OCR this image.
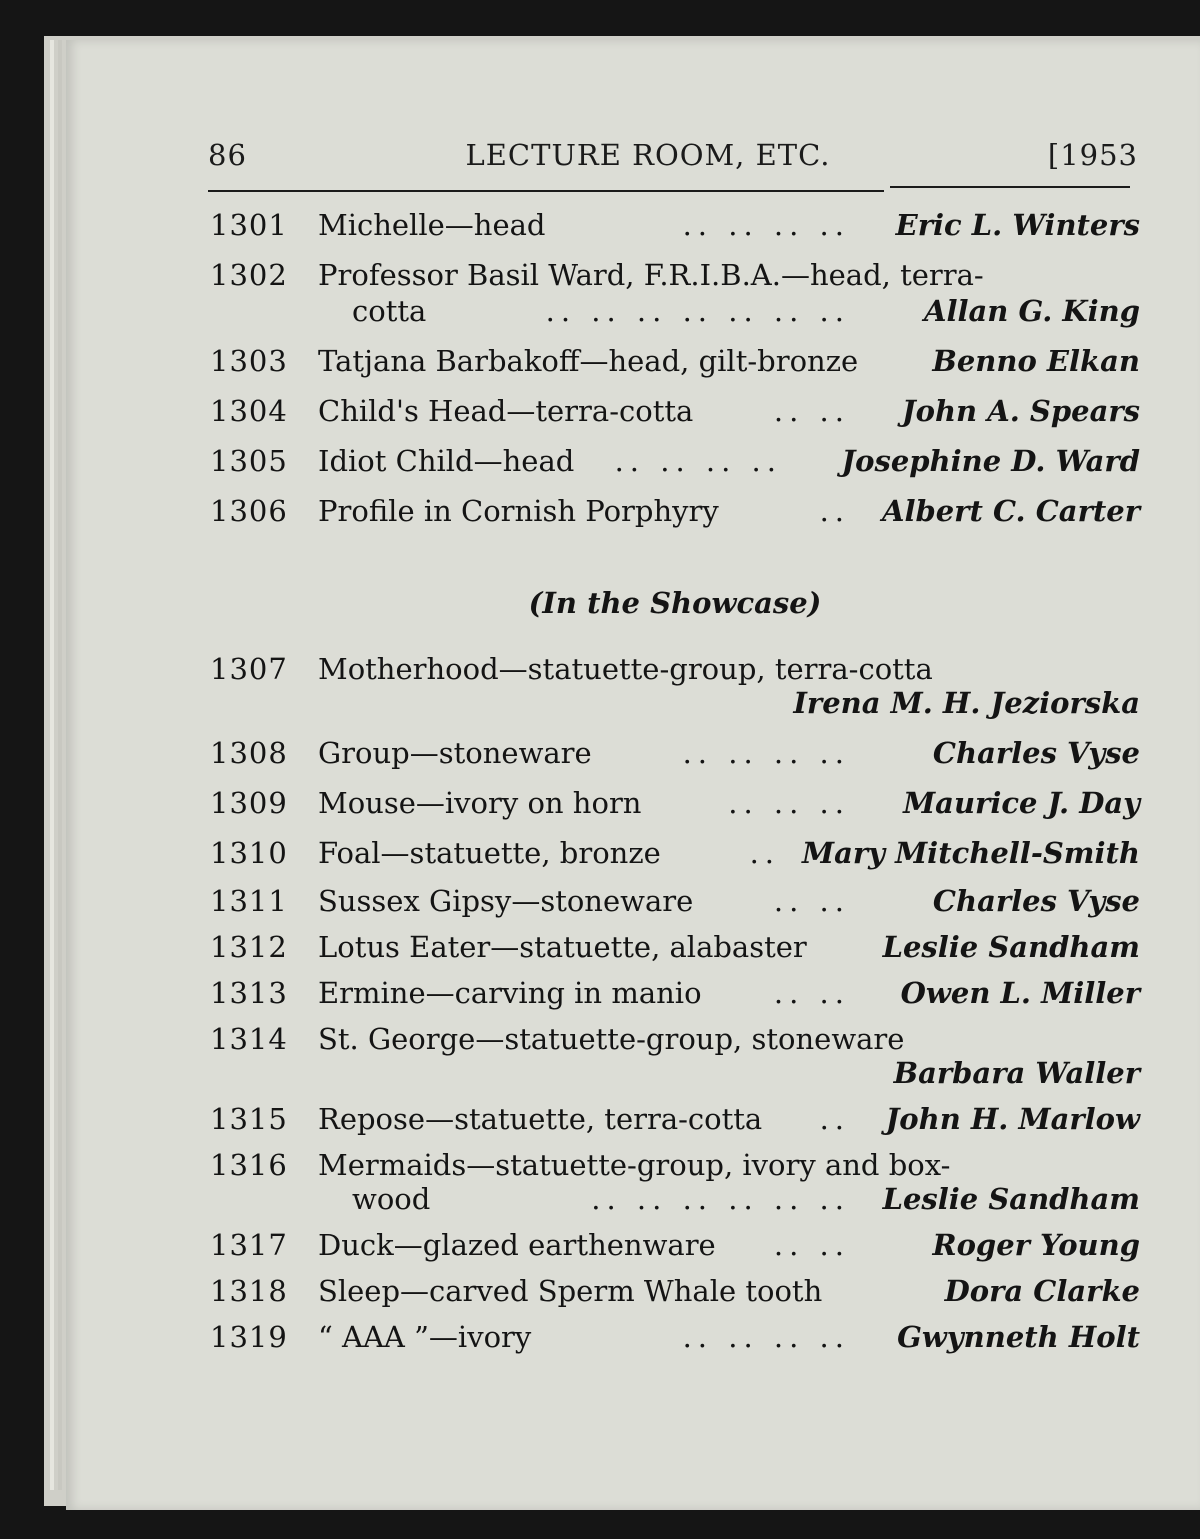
86	LECTURE ROOM, ETC.	[1953
1301 Michelle—head	.. .. .. .. Eric L. Winters
1302 Professor Basil Ward, F.R.I.B.A.—head, terra-
cotta	.. .. .. .. .. .. ..	Allan G. King
1303 Tatjana Barbakoff—head, gilt-bronze	Benno Elkan
1304 Child's Head—terra-cotta	.. .. John A. Spears
1305 Idiot Child—head .. .. .. .. Josephine D. Ward
1306 Profile in Cornish Porphyry	.. Albert C. Carter
(In the Showcase)
1307 Motherhood—statuette-group, terra-cotta
Irena M. H. Jeziorska
1308 Group—stoneware	.. .. .. ..	Charles Vyse
1309 Mouse—ivory on horn	.. .. .. Maurice J. Day
1310 Foal—statuette, bronze	.. Mary Mitchell-Smith
1311 Sussex Gipsy—stoneware	.. ..	Charles Vyse
1312 Lotus Eater—statuette, alabaster	Leslie Sandham
1313 Ermine—carving in manio .. .. Owen L. Miller
1314 St. George—statuette-group, stoneware
Barbara Waller
1315 Repose—statuette, terra-cotta .. John H. Marlow
1316 Mermaids—statuette-group, ivory and box-
wood	.. .. .. .. .. .. Leslie Sandham
1317 Duck—glazed earthenware .. ..	Roger Young
1318 Sleep—carved Sperm Whale tooth	Dora Clarke
1319 “ AAA ”—ivory	.. .. .. .. Gwynneth Holt
